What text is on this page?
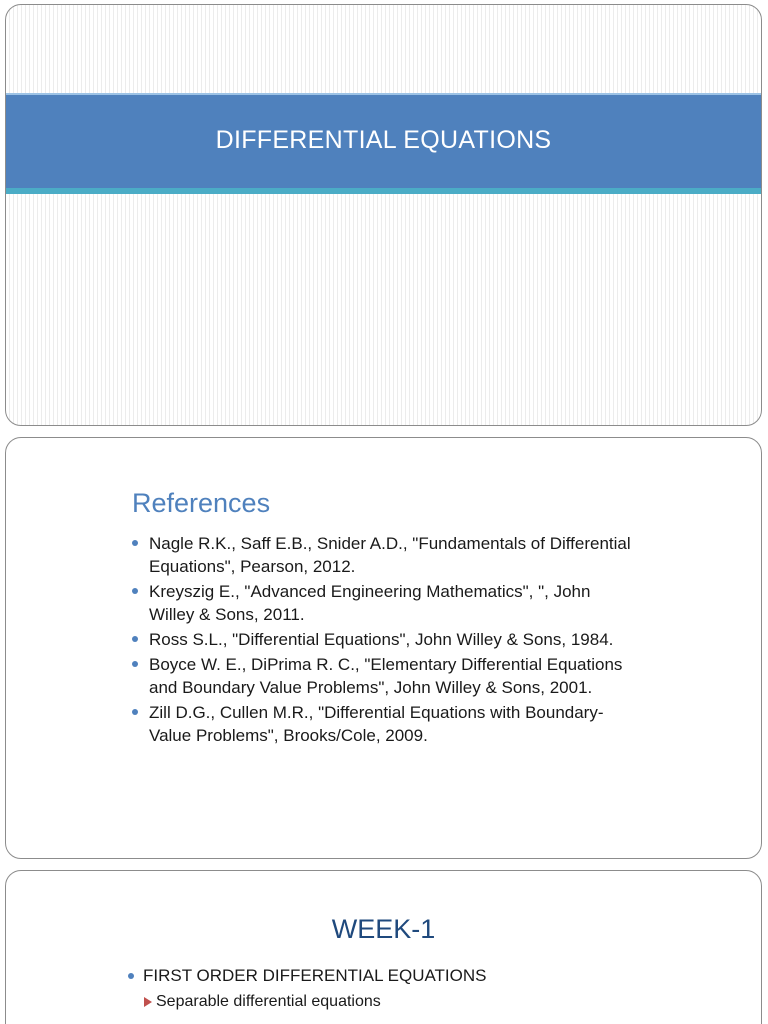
DIFFERENTIAL EQUATIONS
References
Nagle R.K., Saff E.B., Snider A.D., "Fundamentals of Differential Equations", Pearson, 2012.
Kreyszig E., "Advanced Engineering Mathematics", ", John Willey & Sons, 2011.
Ross S.L., "Differential Equations", John Willey & Sons, 1984.
Boyce W. E., DiPrima R. C., "Elementary Differential Equations and Boundary Value Problems", John Willey & Sons, 2001.
Zill D.G., Cullen M.R., "Differential Equations with Boundary-Value Problems", Brooks/Cole, 2009.
WEEK-1
FIRST ORDER DIFFERENTIAL EQUATIONS
Separable differential equations
